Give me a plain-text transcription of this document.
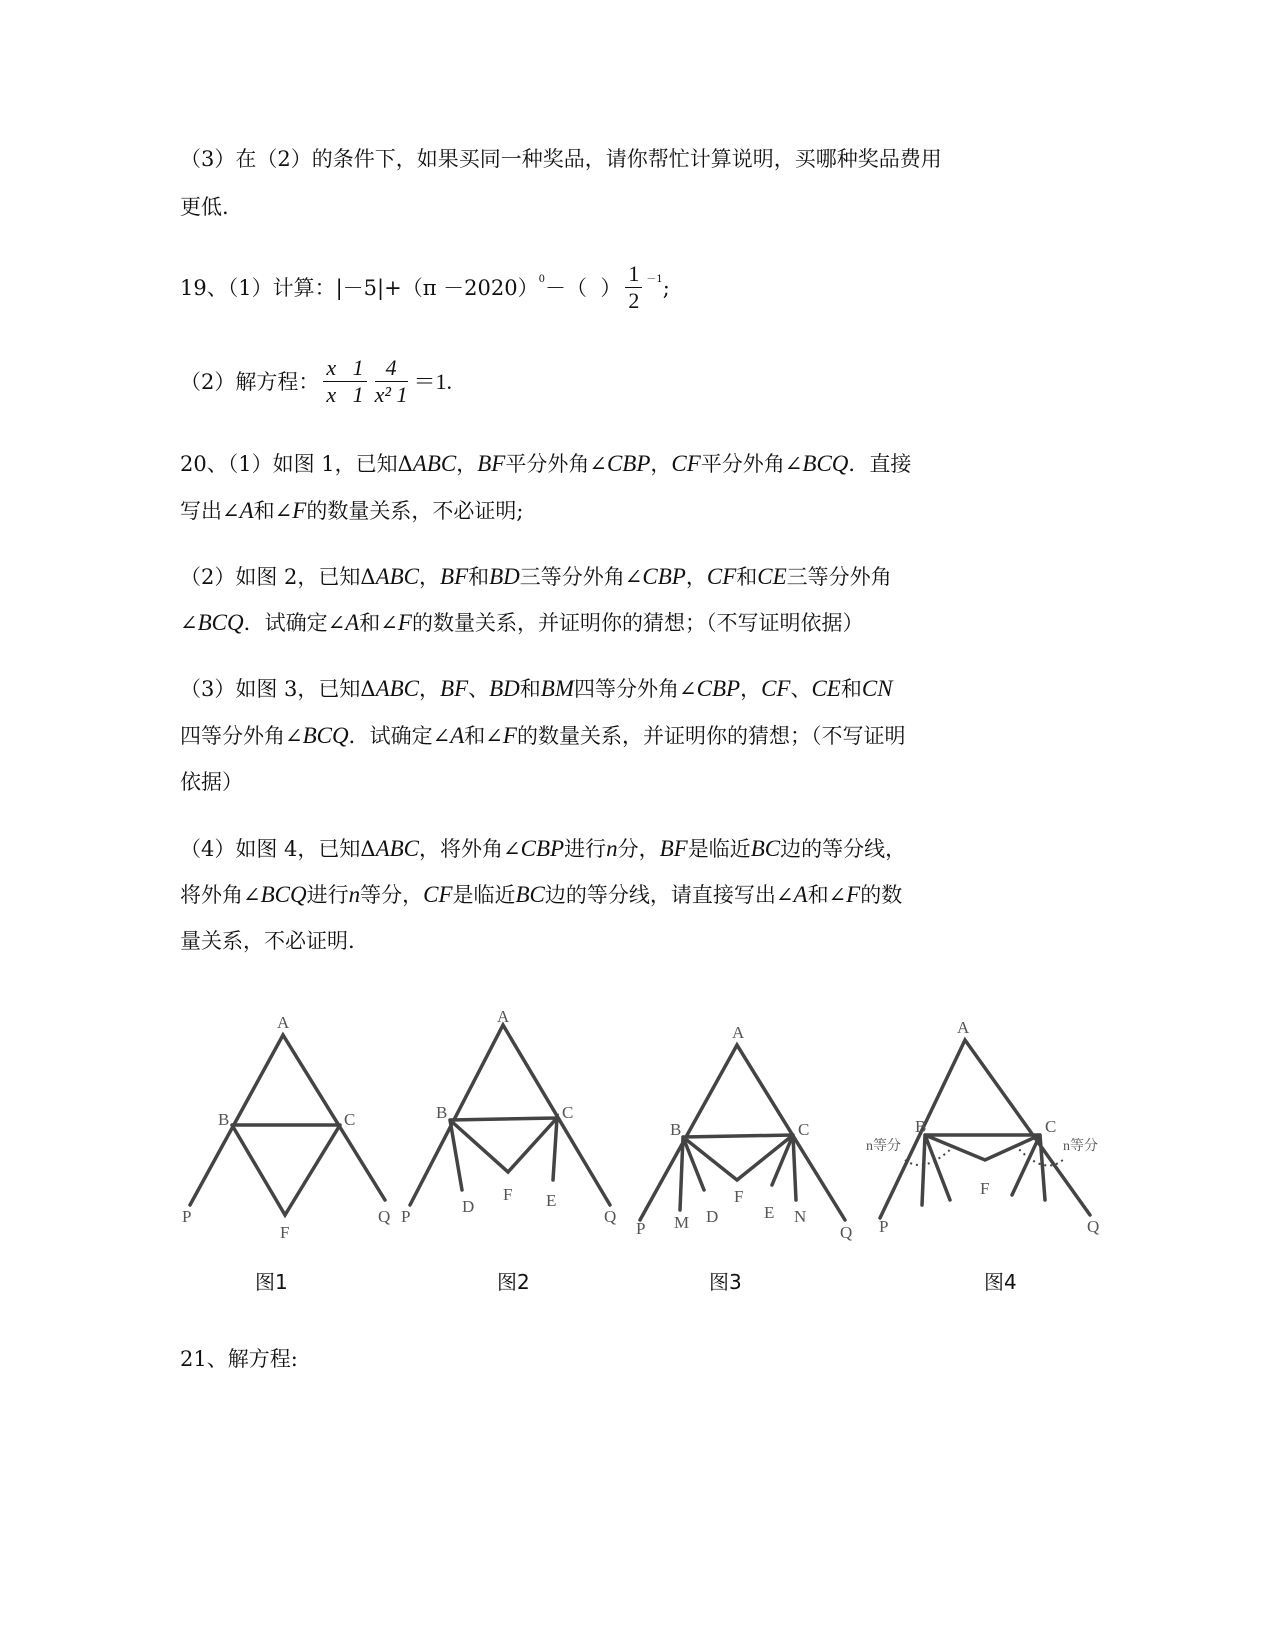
（3）在（2）的条件下，如果买同一种奖品，请你帮忙计算说明，买哪种奖品费用
更低.
19、（1）计算：|－5|+（π －2020） 0 －（  ） $\frac{1}{2} -1$ ;
（2）解方程： $\frac{x 1}{x 1} \frac{4}{\text{x² 1}} =1$.
20、（1）如图 1，已知Δ ABC ， BF 平分外角∠ CBP ， CF 平分外角∠ BCQ ．直接
写出∠ A 和∠ F 的数量关系，不必证明;
（2）如图 2，已知Δ ABC ， BF 和 BD 三等分外角∠ CBP ， CF 和 CE 三等分外角
∠ BCQ ．试确定∠ A 和∠ F 的数量关系，并证明你的猜想；（不写证明依据）
（3）如图 3，已知Δ ABC ， BF 、 BD 和 BM 四等分外角∠ CBP ， CF 、 CE 和 CN
四等分外角∠ BCQ ．试确定∠ A 和∠ F 的数量关系，并证明你的猜想；（不写证明
依据）
（4）如图 4，已知Δ ABC ，将外角∠ CBP 进行 n 分， BF 是临近 BC 边的等分线，
将外角∠ BCQ 进行 n 等分， CF 是临近 BC 边的等分线，请直接写出∠ A 和∠ F 的数
量关系，不必证明.
21、解方程:
A
B	C
P
F
Q
A
B	C
P
D
F E
Q
A
B	C
P M D
F
E N
Q
A
B	C
P
F
Q
n等分	n等分
图1	图2	图3	图4
